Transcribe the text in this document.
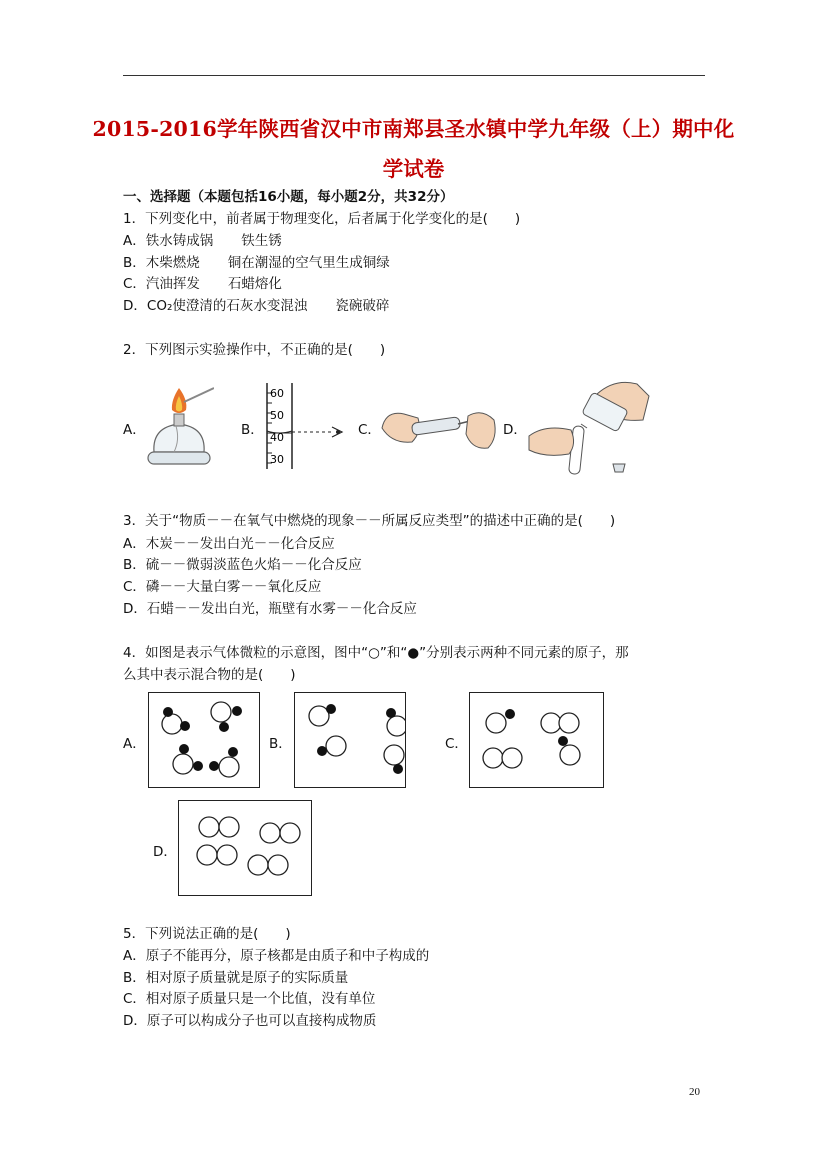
2015-2016学年陕西省汉中市南郑县圣水镇中学九年级（上）期中化
学试卷
一、选择题（本题包括16小题，每小题2分，共32分）
1．下列变化中，前者属于物理变化，后者属于化学变化的是(　　)
A．铁水铸成锅 铁生锈
B．木柴燃烧 铜在潮湿的空气里生成铜绿
C．汽油挥发 石蜡熔化
D．CO₂使澄清的石灰水变混浊 瓷碗破碎
2．下列图示实验操作中，不正确的是(　　)
A．	B．
60
50
40
30
C．	D．
3．关于“物质－－在氧气中燃烧的现象－－所属反应类型”的描述中正确的是(　　)
A．木炭－－发出白光－－化合反应
B．硫－－微弱淡蓝色火焰－－化合反应
C．磷－－大量白雾－－氧化反应
D．石蜡－－发出白光，瓶壁有水雾－－化合反应
4．如图是表示气体微粒的示意图，图中“○”和“●”分别表示两种不同元素的原子，那
么其中表示混合物的是(　　)
A．	B．	C．
D．
5．下列说法正确的是(　　)
A．原子不能再分，原子核都是由质子和中子构成的
B．相对原子质量就是原子的实际质量
C．相对原子质量只是一个比值，没有单位
D．原子可以构成分子也可以直接构成物质
20
